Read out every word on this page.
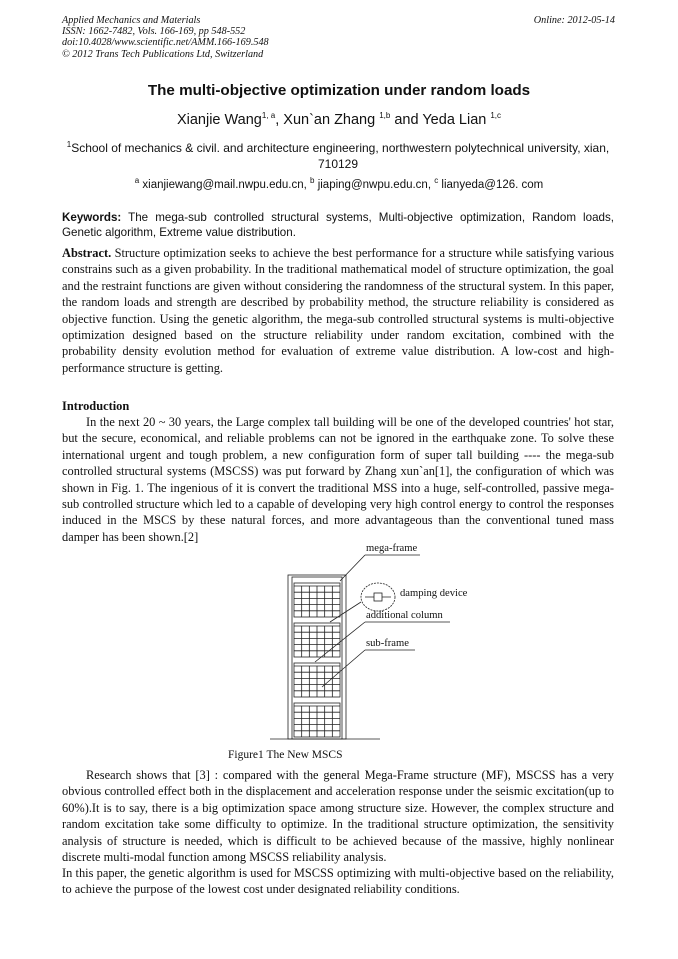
Applied Mechanics and Materials
ISSN: 1662-7482, Vols. 166-169, pp 548-552
doi:10.4028/www.scientific.net/AMM.166-169.548
© 2012 Trans Tech Publications Ltd, Switzerland
Online: 2012-05-14
The multi-objective optimization under random loads
Xianjie Wang$^{1, a}$, Xun`an Zhang $^{1,b}$ and Yeda Lian $^{1,c}$
$^1$School of mechanics & civil. and architecture engineering, northwestern polytechnical university, xian, 710129
$^a$ xianjiewang@mail.nwpu.edu.cn, $^b$ jiaping@nwpu.edu.cn, $^c$ lianyeda@126. com
Keywords: The mega-sub controlled structural systems, Multi-objective optimization, Random loads, Genetic algorithm, Extreme value distribution.
Abstract. Structure optimization seeks to achieve the best performance for a structure while satisfying various constrains such as a given probability. In the traditional mathematical model of structure optimization, the goal and the restraint functions are given without considering the randomness of the structural system. In this paper, the random loads and strength are described by probability method, the structure reliability is considered as objective function. Using the genetic algorithm, the mega-sub controlled structural systems is multi-objective optimization designed based on the structure reliability under random excitation, combined with the probability density evolution method for evaluation of extreme value distribution. A low-cost and high-performance structure is getting.
Introduction
In the next 20 ~ 30 years, the Large complex tall building will be one of the developed countries' hot star, but the secure, economical, and reliable problems can not be ignored in the earthquake zone. To solve these international urgent and tough problem, a new configuration form of super tall building ---- the mega-sub controlled structural systems (MSCSS) was put forward by Zhang xun`an[1], the configuration of which was shown in Fig. 1. The ingenious of it is convert the traditional MSS into a huge, self-controlled, passive mega-sub controlled structure which led to a capable of developing very high control energy to control the responses induced in the MSCS by these natural forces, and more advantageous than the conventional tuned mass damper has been shown.[2]
mega-frame
damping device
additional column
sub-frame
Figure1 The New MSCS
Research shows that [3] : compared with the general Mega-Frame structure (MF), MSCSS has a very obvious controlled effect both in the displacement and acceleration response under the seismic excitation(up to 60%).It is to say, there is a big optimization space among structure size. However, the complex structure and random excitation take some difficulty to optimize. In the traditional structure optimization, the sensitivity analysis of structure is needed, which is difficult to be achieved because of the massive, highly nonlinear discrete multi-modal function among MSCSS reliability analysis.
In this paper, the genetic algorithm is used for MSCSS optimizing with multi-objective based on the reliability, to achieve the purpose of the lowest cost under designated reliability conditions.
